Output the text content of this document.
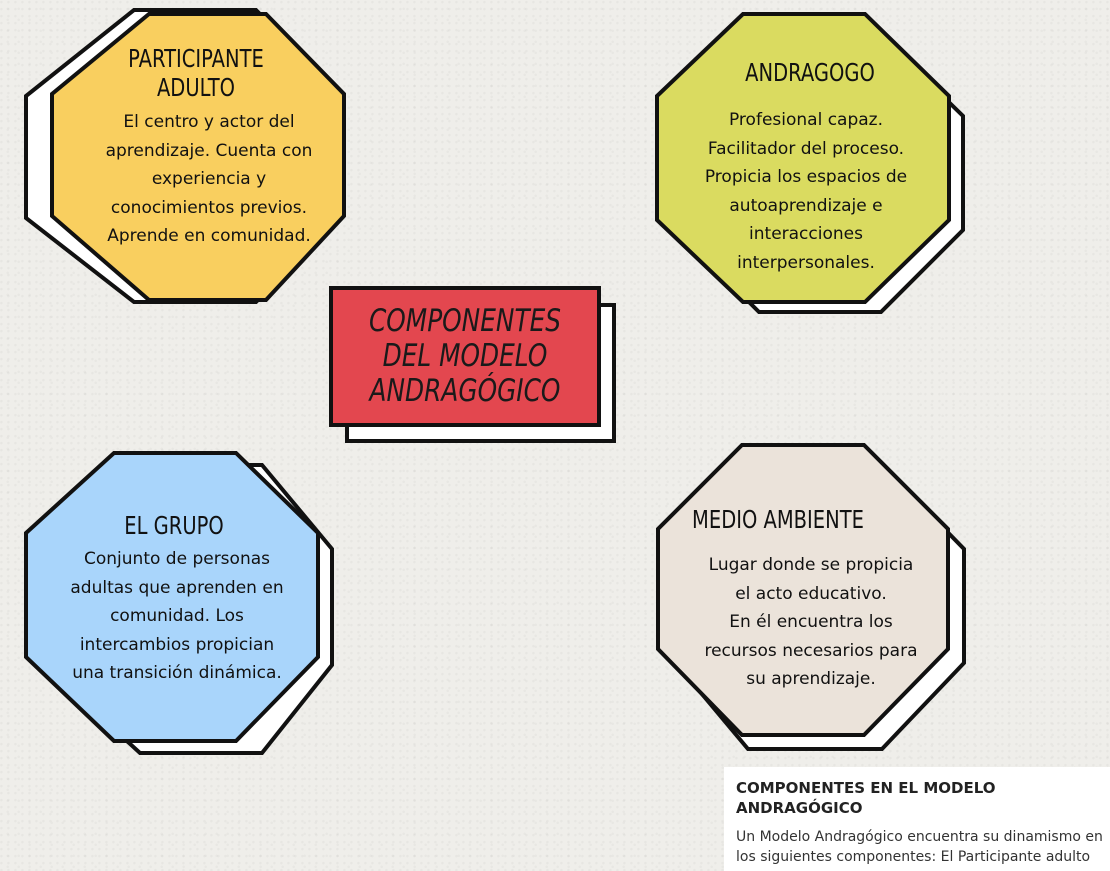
PARTICIPANTE
ADULTO
El centro y actor del
aprendizaje. Cuenta con
experiencia y
conocimientos previos.
Aprende en comunidad.
ANDRAGOGO
Profesional capaz.
Facilitador del proceso.
Propicia los espacios de
autoaprendizaje e
interacciones
interpersonales.
COMPONENTES
DEL MODELO
ANDRAGÓGICO
EL GRUPO
Conjunto de personas
adultas que aprenden en
comunidad. Los
intercambios propician
una transición dinámica.
MEDIO AMBIENTE
Lugar donde se propicia
el acto educativo.
En él encuentra los
recursos necesarios para
su aprendizaje.
COMPONENTES EN EL MODELO ANDRAGÓGICO
Un Modelo Andragógico encuentra su dinamismo en los siguientes componentes: El Participante adulto
